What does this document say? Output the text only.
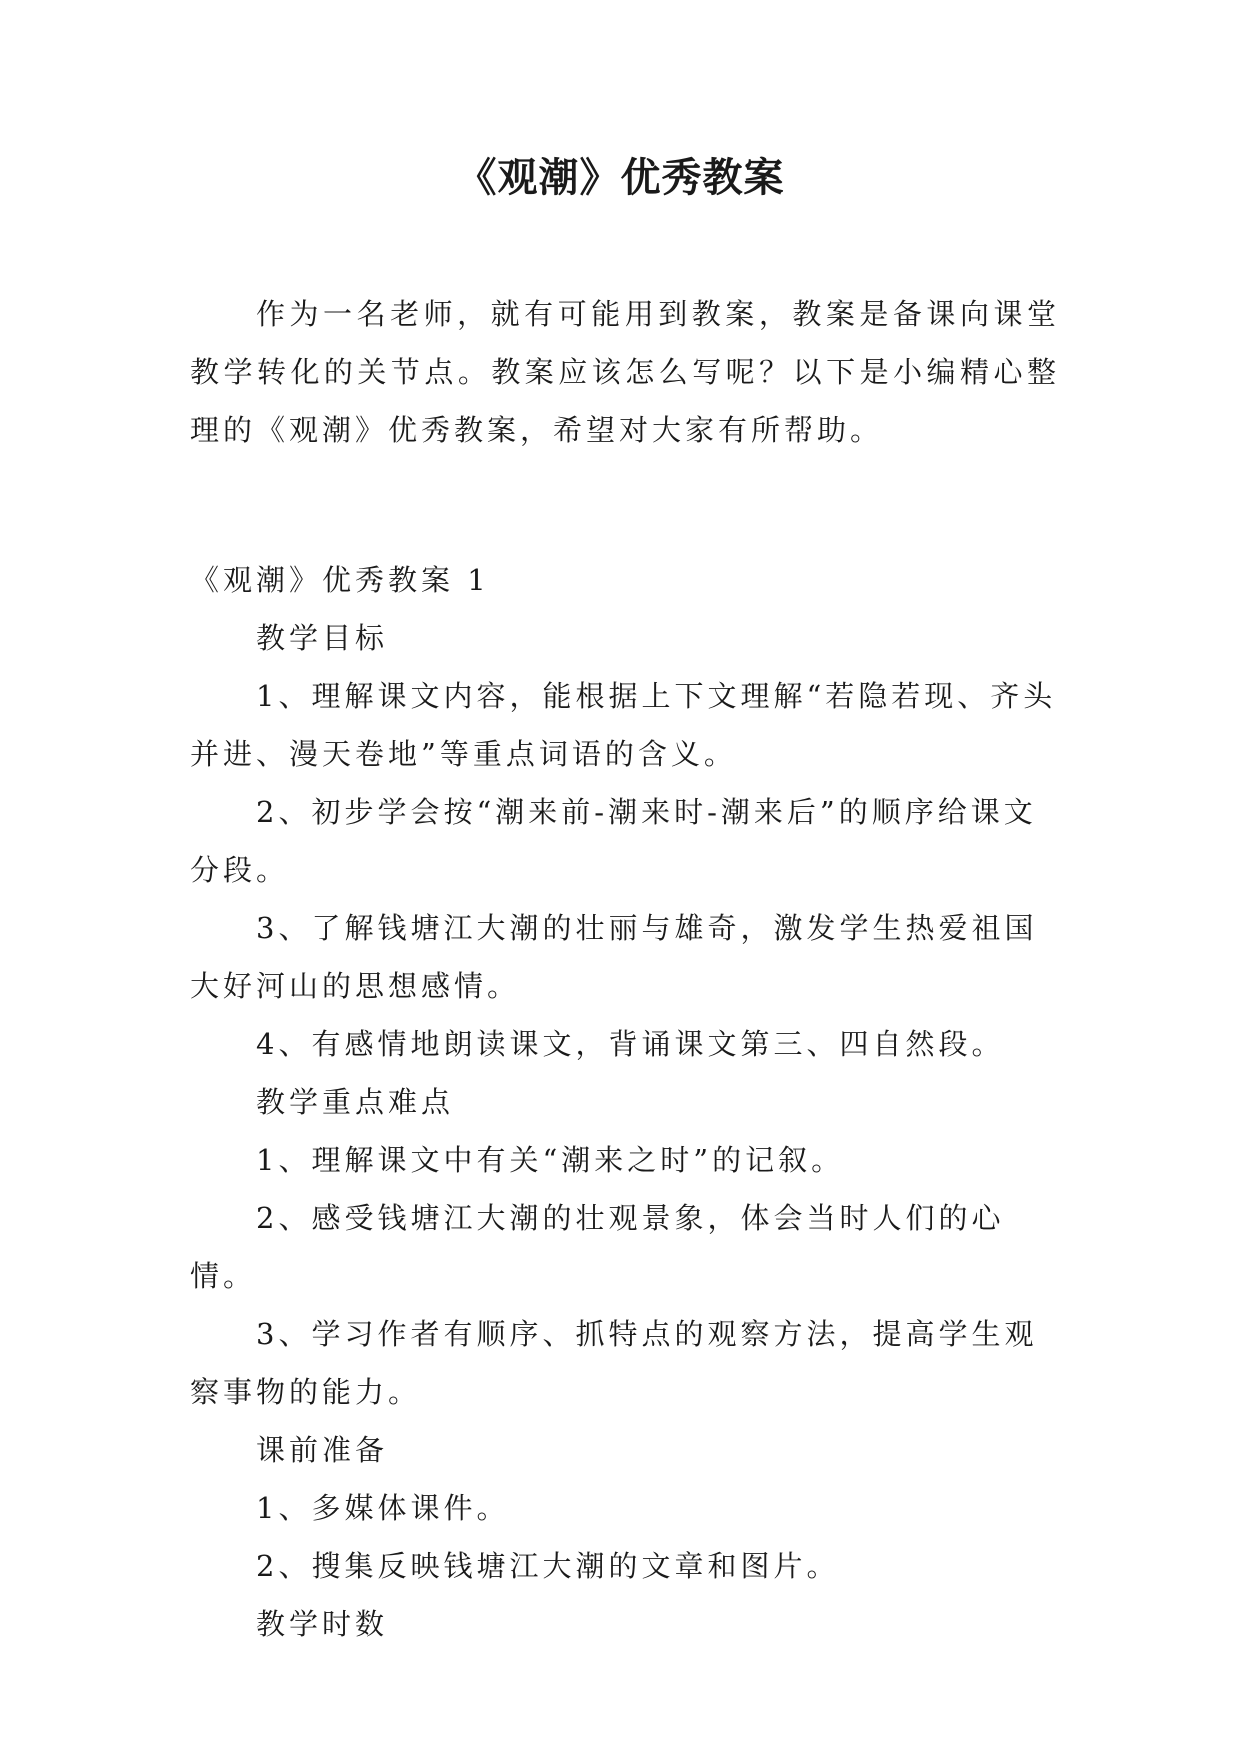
《观潮》优秀教案

作为一名老师，就有可能用到教案，教案是备课向课堂教学转化的关节点。教案应该怎么写呢？以下是小编精心整理的《观潮》优秀教案，希望对大家有所帮助。

《观潮》优秀教案 1

教学目标

1、理解课文内容，能根据上下文理解“若隐若现、齐头并进、漫天卷地”等重点词语的含义。

2、初步学会按“潮来前-潮来时-潮来后”的顺序给课文分段。

3、了解钱塘江大潮的壮丽与雄奇，激发学生热爱祖国大好河山的思想感情。

4、有感情地朗读课文，背诵课文第三、四自然段。

教学重点难点

1、理解课文中有关“潮来之时”的记叙。

2、感受钱塘江大潮的壮观景象，体会当时人们的心情。

3、学习作者有顺序、抓特点的观察方法，提高学生观察事物的能力。

课前准备

1、多媒体课件。

2、搜集反映钱塘江大潮的文章和图片。

教学时数
